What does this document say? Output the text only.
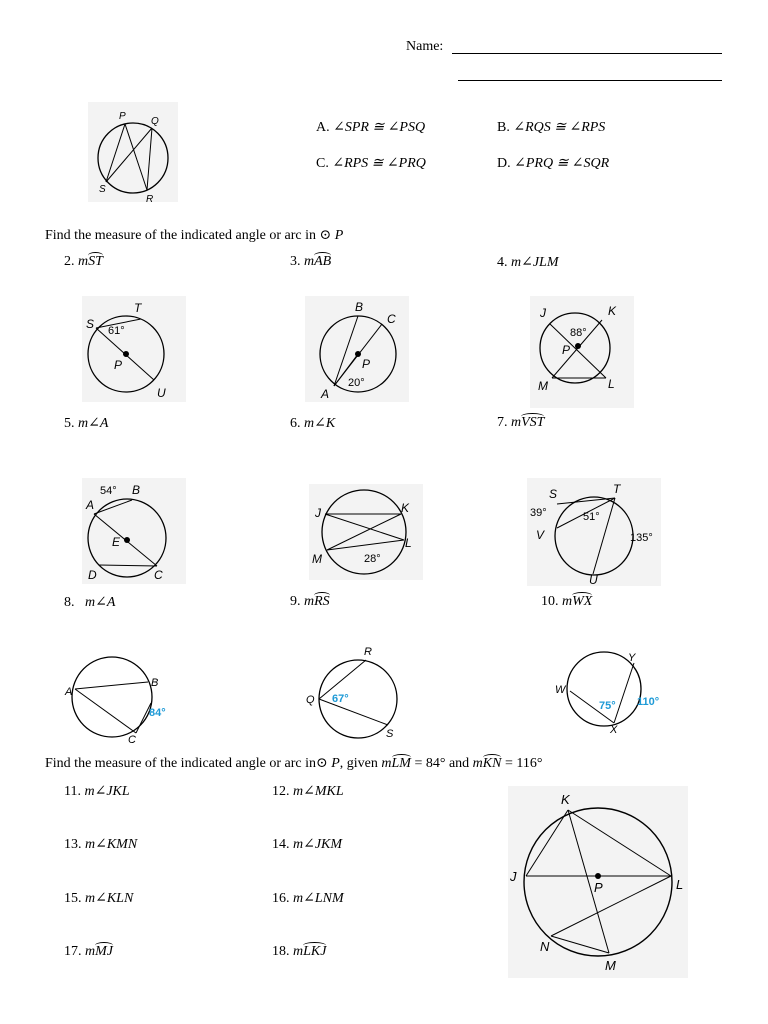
Name:
P	Q
S
R
A. ∠SPR ≅ ∠PSQ	B. ∠RQS ≅ ∠RPS
C. ∠RPS ≅ ∠PRQ	D. ∠PRQ ≅ ∠SQR
Find the measure of the indicated angle or arc in ⊙ P
2. mST	3. mAB	4. m∠JLM
5. m∠A	6. m∠K	7. mVST
8. m∠A	9. mRS	10. mWX
S
T
61°
P
U
B
C
P
20°
A
J	K
88°
P
M	L
54° B
A
E
D	C
J	K
L
M	28°
S	T
39°	51°
V	135°
U
A
B
84°
C
Q
R
67°
S
W
Y
75° 110°
X
Find the measure of the indicated angle or arc in⊙ P, given mLM = 84° and mKN = 116°
11. m∠JKL	12. m∠MKL
13. m∠KMN	14. m∠JKM
15. m∠KLN	16. m∠LNM
17. mMJ	18. mLKJ
K
J
P	L
N
M
